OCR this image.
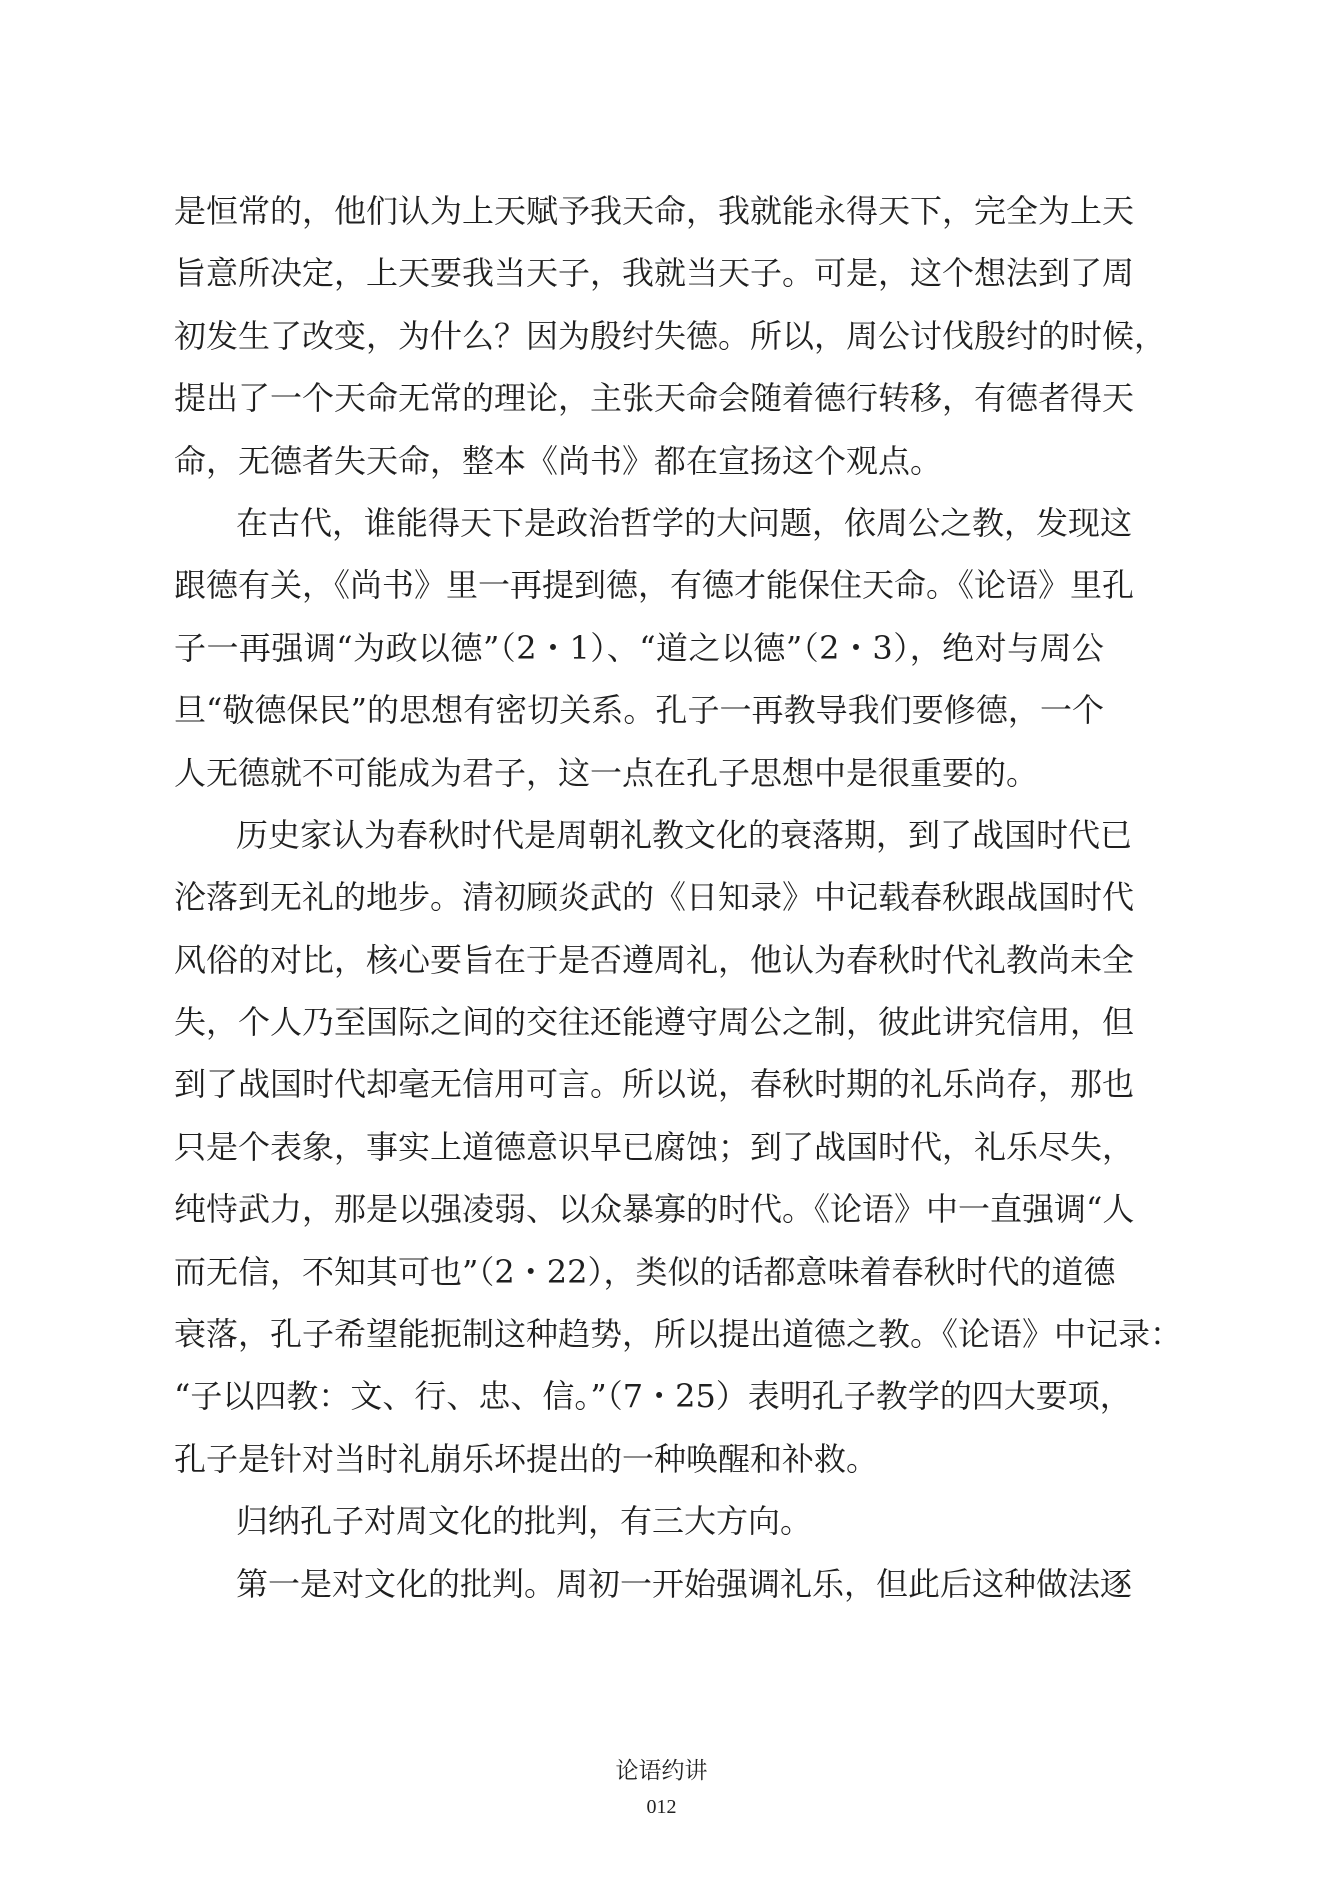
是恒常的，他们认为上天赋予我天命，我就能永得天下，完全为上天
旨意所决定，上天要我当天子，我就当天子。可是，这个想法到了周
初发生了改变，为什么？因为殷纣失德。所以，周公讨伐殷纣的时候，
提出了一个天命无常的理论，主张天命会随着德行转移，有德者得天
命，无德者失天命，整本《尚书》都在宣扬这个观点。
在古代，谁能得天下是政治哲学的大问题，依周公之教，发现这
跟德有关，《尚书》里一再提到德，有德才能保住天命。《论语》里孔
子一再强调“为政以德”（2・1）、“道之以德”（2・3），绝对与周公
旦“敬德保民”的思想有密切关系。孔子一再教导我们要修德，一个
人无德就不可能成为君子，这一点在孔子思想中是很重要的。
历史家认为春秋时代是周朝礼教文化的衰落期，到了战国时代已
沦落到无礼的地步。清初顾炎武的《日知录》中记载春秋跟战国时代
风俗的对比，核心要旨在于是否遵周礼，他认为春秋时代礼教尚未全
失，个人乃至国际之间的交往还能遵守周公之制，彼此讲究信用，但
到了战国时代却毫无信用可言。所以说，春秋时期的礼乐尚存，那也
只是个表象，事实上道德意识早已腐蚀；到了战国时代，礼乐尽失，
纯恃武力，那是以强凌弱、以众暴寡的时代。《论语》中一直强调“人
而无信，不知其可也”（2・22），类似的话都意味着春秋时代的道德
衰落，孔子希望能扼制这种趋势，所以提出道德之教。《论语》中记录：
“子以四教：文、行、忠、信。”（7・25）表明孔子教学的四大要项，
孔子是针对当时礼崩乐坏提出的一种唤醒和补救。
归纳孔子对周文化的批判，有三大方向。
第一是对文化的批判。周初一开始强调礼乐，但此后这种做法逐
论语约讲
012
